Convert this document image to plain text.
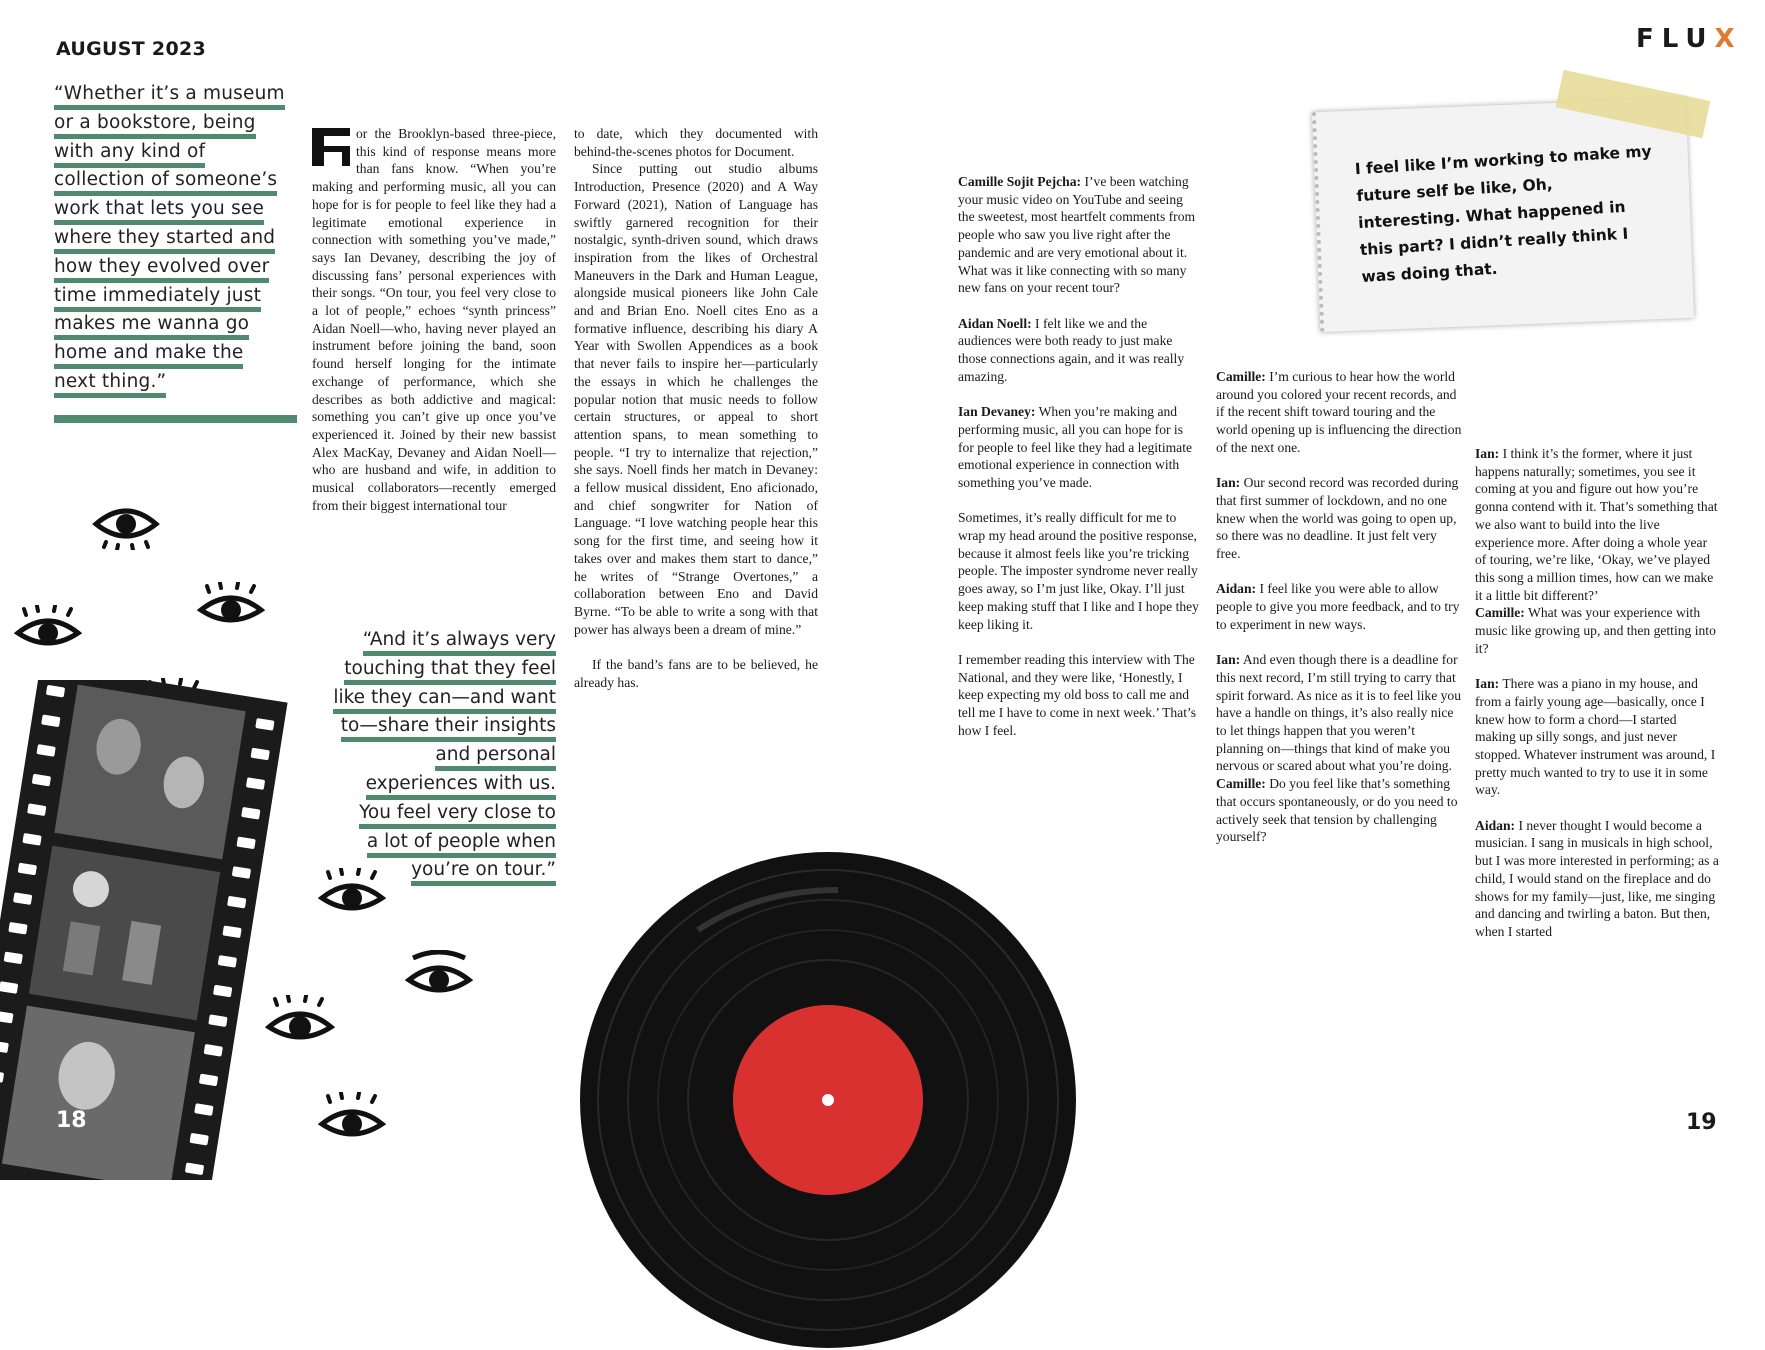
AUGUST 2023	FLU X
“Whether it’s a museum
or a bookstore, being
with any kind of
collection of someone’s
work that lets you see
where they started and
how they evolved over
time immediately just
makes me wanna go
home and make the
next thing.”

or the Brooklyn-based three-piece, this kind of response means more than fans know. “When you’re making and performing music, all you can hope for is for people to feel like they had a legitimate emotional experience in connection with something you’ve made,” says Ian Devaney, describing the joy of discussing fans’ personal experiences with their songs. “On tour, you feel very close to a lot of people,” echoes “synth princess” Aidan Noell—who, having never played an instrument before joining the band, soon found herself longing for the intimate exchange of performance, which she describes as both addictive and magical: something you can’t give up once you’ve experienced it. Joined by their new bassist Alex MacKay, Devaney and Aidan Noell—who are husband and wife, in addition to musical collaborators—recently emerged from their biggest international tour

to date, which they documented with behind-the-scenes photos for Document.

Since putting out studio albums Introduction, Presence (2020) and A Way Forward (2021), Nation of Language has swiftly garnered recognition for their nostalgic, synth-driven sound, which draws inspiration from the likes of Orchestral Maneuvers in the Dark and Human League, alongside musical pioneers like John Cale and and Brian Eno. Noell cites Eno as a formative influence, describing his diary A Year with Swollen Appendices as a book that never fails to inspire her—particularly the essays in which he challenges the popular notion that music needs to follow certain structures, or appeal to short attention spans, to mean something to people. “I try to internalize that rejection,” she says. Noell finds her match in Devaney: a fellow musical dissident, Eno aficionado, and chief songwriter for Nation of Language. “I love watching people hear this song for the first time, and seeing how it takes over and makes them start to dance,” he writes of “Strange Overtones,” a collaboration between Eno and David Byrne. “To be able to write a song with that power has always been a dream of mine.”

If the band’s fans are to be believed, he already has.

“And it’s always very
touching that they feel
like they can—and want
to—share their insights
and personal
experiences with us.
You feel very close to
a lot of people when
you’re on tour.”
I feel like I’m working to make my future self be like, Oh, interesting. What happened in this part? I didn’t really think I was doing that.

Camille Sojit Pejcha: I’ve been watching your music video on YouTube and seeing the sweetest, most heartfelt comments from people who saw you live right after the pandemic and are very emotional about it. What was it like connecting with so many new fans on your recent tour?

Aidan Noell: I felt like we and the audiences were both ready to just make those connections again, and it was really amazing.

Ian Devaney: When you’re making and performing music, all you can hope for is for people to feel like they had a legitimate emotional experience in connection with something you’ve made.

Sometimes, it’s really difficult for me to wrap my head around the positive response, because it almost feels like you’re tricking people. The imposter syndrome never really goes away, so I’m just like, Okay. I’ll just keep making stuff that I like and I hope they keep liking it.

I remember reading this interview with The National, and they were like, ‘Honestly, I keep expecting my old boss to call me and tell me I have to come in next week.’ That’s how I feel.

Camille: I’m curious to hear how the world around you colored your recent records, and if the recent shift toward touring and the world opening up is influencing the direction of the next one.

Ian: Our second record was recorded during that first summer of lockdown, and no one knew when the world was going to open up, so there was no deadline. It just felt very free.

Aidan: I feel like you were able to allow people to give you more feedback, and to try to experiment in new ways.

Ian: And even though there is a deadline for this next record, I’m still trying to carry that spirit forward. As nice as it is to feel like you have a handle on things, it’s also really nice to let things happen that you weren’t planning on—things that kind of make you nervous or scared about what you’re doing.

Camille: Do you feel like that’s something that occurs spontaneously, or do you need to actively seek that tension by challenging yourself?

Ian: I think it’s the former, where it just happens naturally; sometimes, you see it coming at you and figure out how you’re gonna contend with it. That’s something that we also want to build into the live experience more. After doing a whole year of touring, we’re like, ‘Okay, we’ve played this song a million times, how can we make it a little bit different?’

Camille: What was your experience with music like growing up, and then getting into it?

Ian: There was a piano in my house, and from a fairly young age—basically, once I knew how to form a chord—I started making up silly songs, and just never stopped. Whatever instrument was around, I pretty much wanted to try to use it in some way.

Aidan: I never thought I would become a musician. I sang in musicals in high school, but I was more interested in performing; as a child, I would stand on the fireplace and do shows for my family—just, like, me singing and dancing and twirling a baton. But then, when I started

18	19
